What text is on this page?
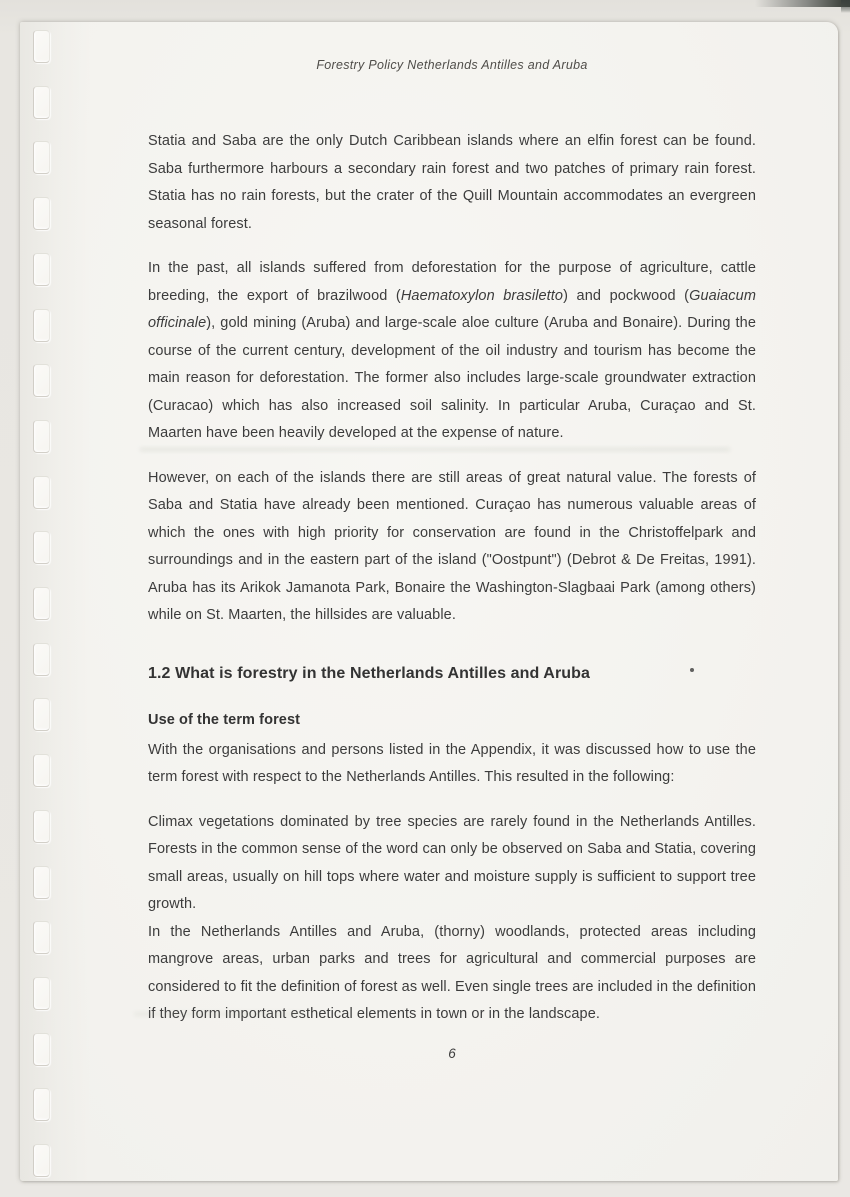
Forestry Policy Netherlands Antilles and Aruba
Statia and Saba are the only Dutch Caribbean islands where an elfin forest can be found. Saba furthermore harbours a secondary rain forest and two patches of primary rain forest. Statia has no rain forests, but the crater of the Quill Mountain accommodates an evergreen seasonal forest.
In the past, all islands suffered from deforestation for the purpose of agriculture, cattle breeding, the export of brazilwood (Haematoxylon brasiletto) and pockwood (Guaiacum officinale), gold mining (Aruba) and large-scale aloe culture (Aruba and Bonaire). During the course of the current century, development of the oil industry and tourism has become the main reason for deforestation. The former also includes large-scale groundwater extraction (Curacao) which has also increased soil salinity. In particular Aruba, Curaçao and St. Maarten have been heavily developed at the expense of nature.
However, on each of the islands there are still areas of great natural value. The forests of Saba and Statia have already been mentioned. Curaçao has numerous valuable areas of which the ones with high priority for conservation are found in the Christoffelpark and surroundings and in the eastern part of the island ("Oostpunt") (Debrot & De Freitas, 1991). Aruba has its Arikok Jamanota Park, Bonaire the Washington-Slagbaai Park (among others) while on St. Maarten, the hillsides are valuable.
1.2 What is forestry in the Netherlands Antilles and Aruba
Use of the term forest
With the organisations and persons listed in the Appendix, it was discussed how to use the term forest with respect to the Netherlands Antilles. This resulted in the following:
Climax vegetations dominated by tree species are rarely found in the Netherlands Antilles. Forests in the common sense of the word can only be observed on Saba and Statia, covering small areas, usually on hill tops where water and moisture supply is sufficient to support tree growth.
In the Netherlands Antilles and Aruba, (thorny) woodlands, protected areas including mangrove areas, urban parks and trees for agricultural and commercial purposes are considered to fit the definition of forest as well. Even single trees are included in the definition if they form important esthetical elements in town or in the landscape.
6
